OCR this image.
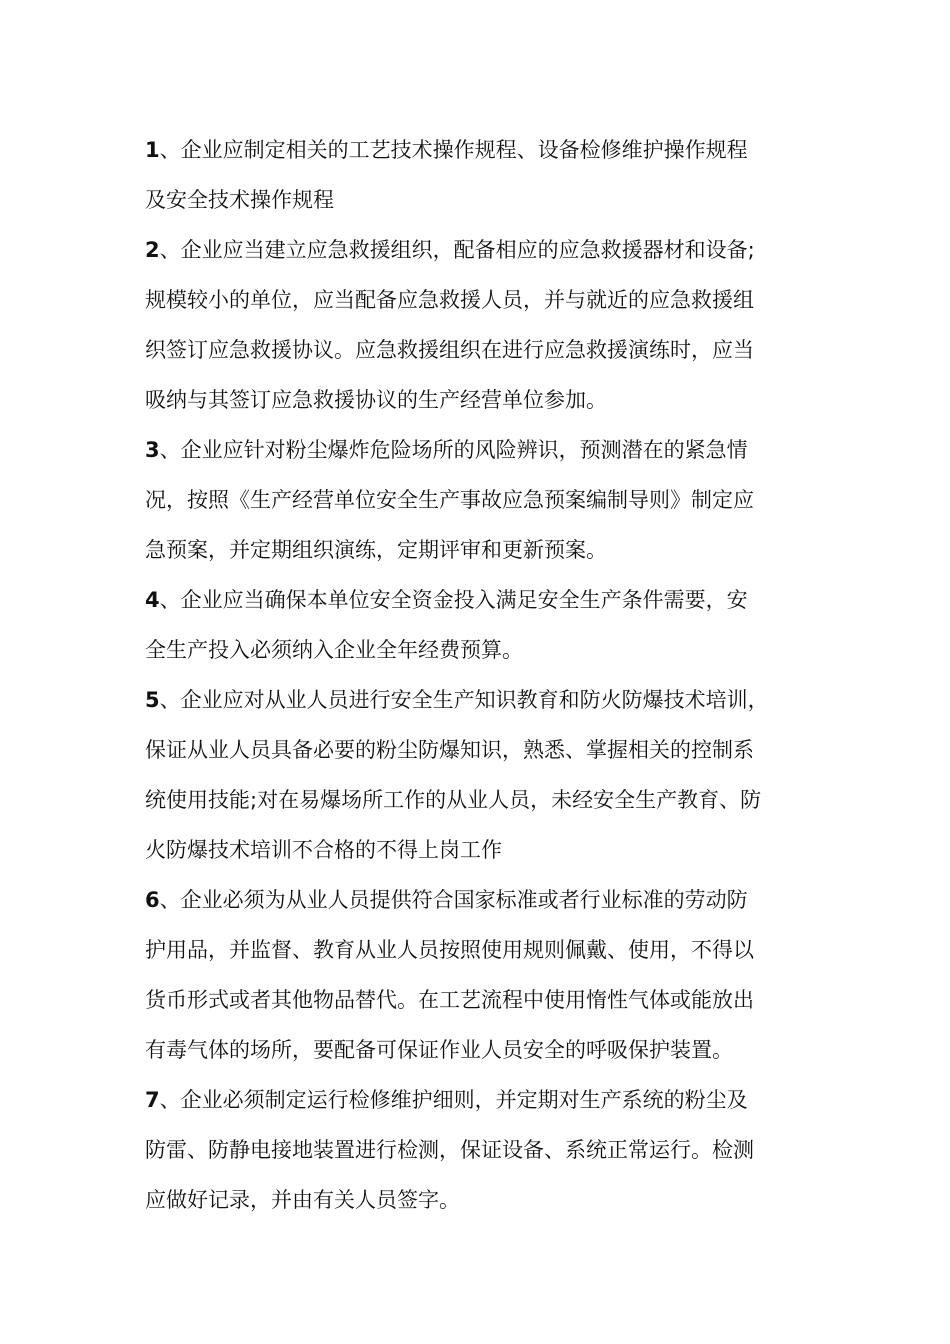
1、企业应制定相关的工艺技术操作规程、设备检修维护操作规程
及安全技术操作规程

2、企业应当建立应急救援组织，配备相应的应急救援器材和设备;
规模较小的单位，应当配备应急救援人员，并与就近的应急救援组
织签订应急救援协议。应急救援组织在进行应急救援演练时，应当
吸纳与其签订应急救援协议的生产经营单位参加。

3、企业应针对粉尘爆炸危险场所的风险辨识，预测潜在的紧急情
况，按照《生产经营单位安全生产事故应急预案编制导则》制定应
急预案，并定期组织演练，定期评审和更新预案。

4、企业应当确保本单位安全资金投入满足安全生产条件需要，安
全生产投入必须纳入企业全年经费预算。

5、企业应对从业人员进行安全生产知识教育和防火防爆技术培训，
保证从业人员具备必要的粉尘防爆知识，熟悉、掌握相关的控制系
统使用技能;对在易爆场所工作的从业人员，未经安全生产教育、防
火防爆技术培训不合格的不得上岗工作

6、企业必须为从业人员提供符合国家标准或者行业标准的劳动防
护用品，并监督、教育从业人员按照使用规则佩戴、使用，不得以
货币形式或者其他物品替代。在工艺流程中使用惰性气体或能放出
有毒气体的场所，要配备可保证作业人员安全的呼吸保护装置。

7、企业必须制定运行检修维护细则，并定期对生产系统的粉尘及
防雷、防静电接地装置进行检测，保证设备、系统正常运行。检测
应做好记录，并由有关人员签字。
